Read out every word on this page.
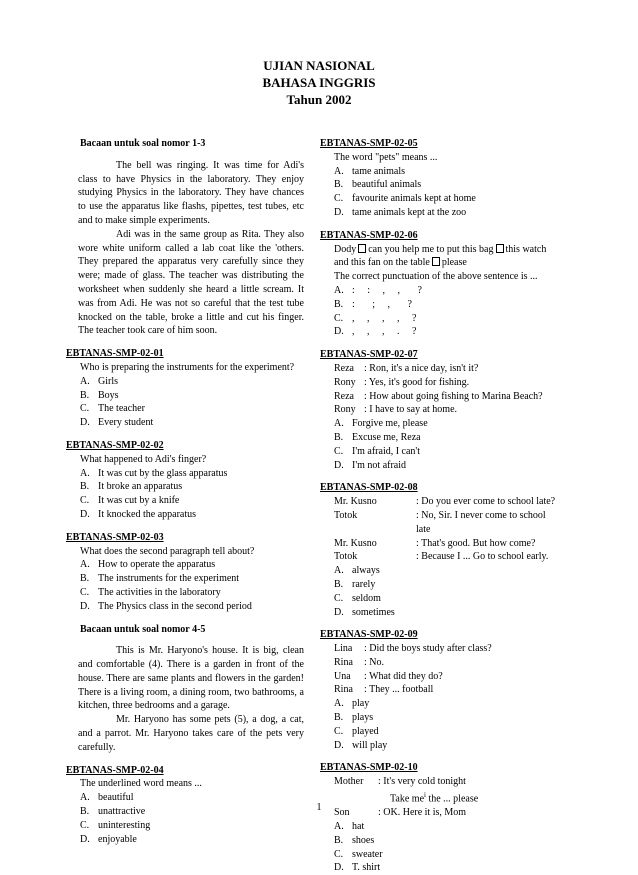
UJIAN NASIONAL
BAHASA INGGRIS
Tahun 2002
Bacaan untuk soal nomor 1-3

The bell was ringing. It was time for Adi's class to have Physics in the laboratory. They enjoy studying Physics in the laboratory. They have chances to use the apparatus like flashs, pipettes, test tubes, etc and to make simple experiments.

Adi was in the same group as Rita. They also wore white uniform called a lab coat like the 'others. They prepared the apparatus very carefully since they were; made of glass. The teacher was distributing the worksheet when suddenly she heard a little scream. It was from Adi. He was not so careful that the test tube knocked on the table, broke a little and cut his finger. The teacher took care of him soon.

EBTANAS-SMP-02-01
Who is preparing the instruments for the experiment?
A. Girls
B. Boys
C. The teacher
D. Every student
EBTANAS-SMP-02-02
What happened to Adi's finger?
A. It was cut by the glass apparatus
B. It broke an apparatus
C. It was cut by a knife
D. It knocked the apparatus
EBTANAS-SMP-02-03
What does the second paragraph tell about?
A. How to operate the apparatus
B. The instruments for the experiment
C. The activities in the laboratory
D. The Physics class in the second period
Bacaan untuk soal nomor 4-5

This is Mr. Haryono's house. It is big, clean and comfortable (4). There is a garden in front of the house. There are same plants and flowers in the garden! There is a living room, a dining room, two bathrooms, a kitchen, three bedrooms and a garage.

Mr. Haryono has some pets (5), a dog, a cat, and a parrot. Mr. Haryono takes care of the pets very carefully.

EBTANAS-SMP-02-04
The underlined word means ...
A. beautiful
B. unattractive
C. uninteresting
D. enjoyable
EBTANAS-SMP-02-05
The word "pets" means ...
A. tame animals
B. beautiful animals
C. favourite animals kept at home
D. tame animals kept at the zoo
EBTANAS-SMP-02-06
Dody can you help me to put this bag this watch
and this fan on the table please
The correct punctuation of the above sentence is ...
A. :     :     ,     ,       ?
B. :       ;     ,       ?
C. ,     ,     ,     ,     ?
D. ,     ,     ,     .     ?
EBTANAS-SMP-02-07
Reza	: Ron, it's a nice day, isn't it?
Rony : Yes, it's good for fishing.
Reza	: How about going fishing to Marina Beach?
Rony : I have to say at home.
A. Forgive me, please
B. Excuse me, Reza
C. I'm afraid, I can't
D. I'm not afraid
EBTANAS-SMP-02-08
Mr. Kusno	: Do you ever come to school late?
Totok	: No, Sir. I never come to school late
Mr. Kusno	: That's good. But how come?
Totok	: Because I ... Go to school early.
A. always
B. rarely
C. seldom
D. sometimes
EBTANAS-SMP-02-09
Lina	: Did the boys study after class?
Rina	: No.
Una	: What did they do?
Rina	: They ... football
A. play
B. plays
C. played
D. will play
EBTANAS-SMP-02-10
Mother	: It's very cold tonight
Take $me^i$ the ... please
Son	: OK. Here it is, Mom
A. hat
B. shoes
C. sweater
D. T. shirt
1
